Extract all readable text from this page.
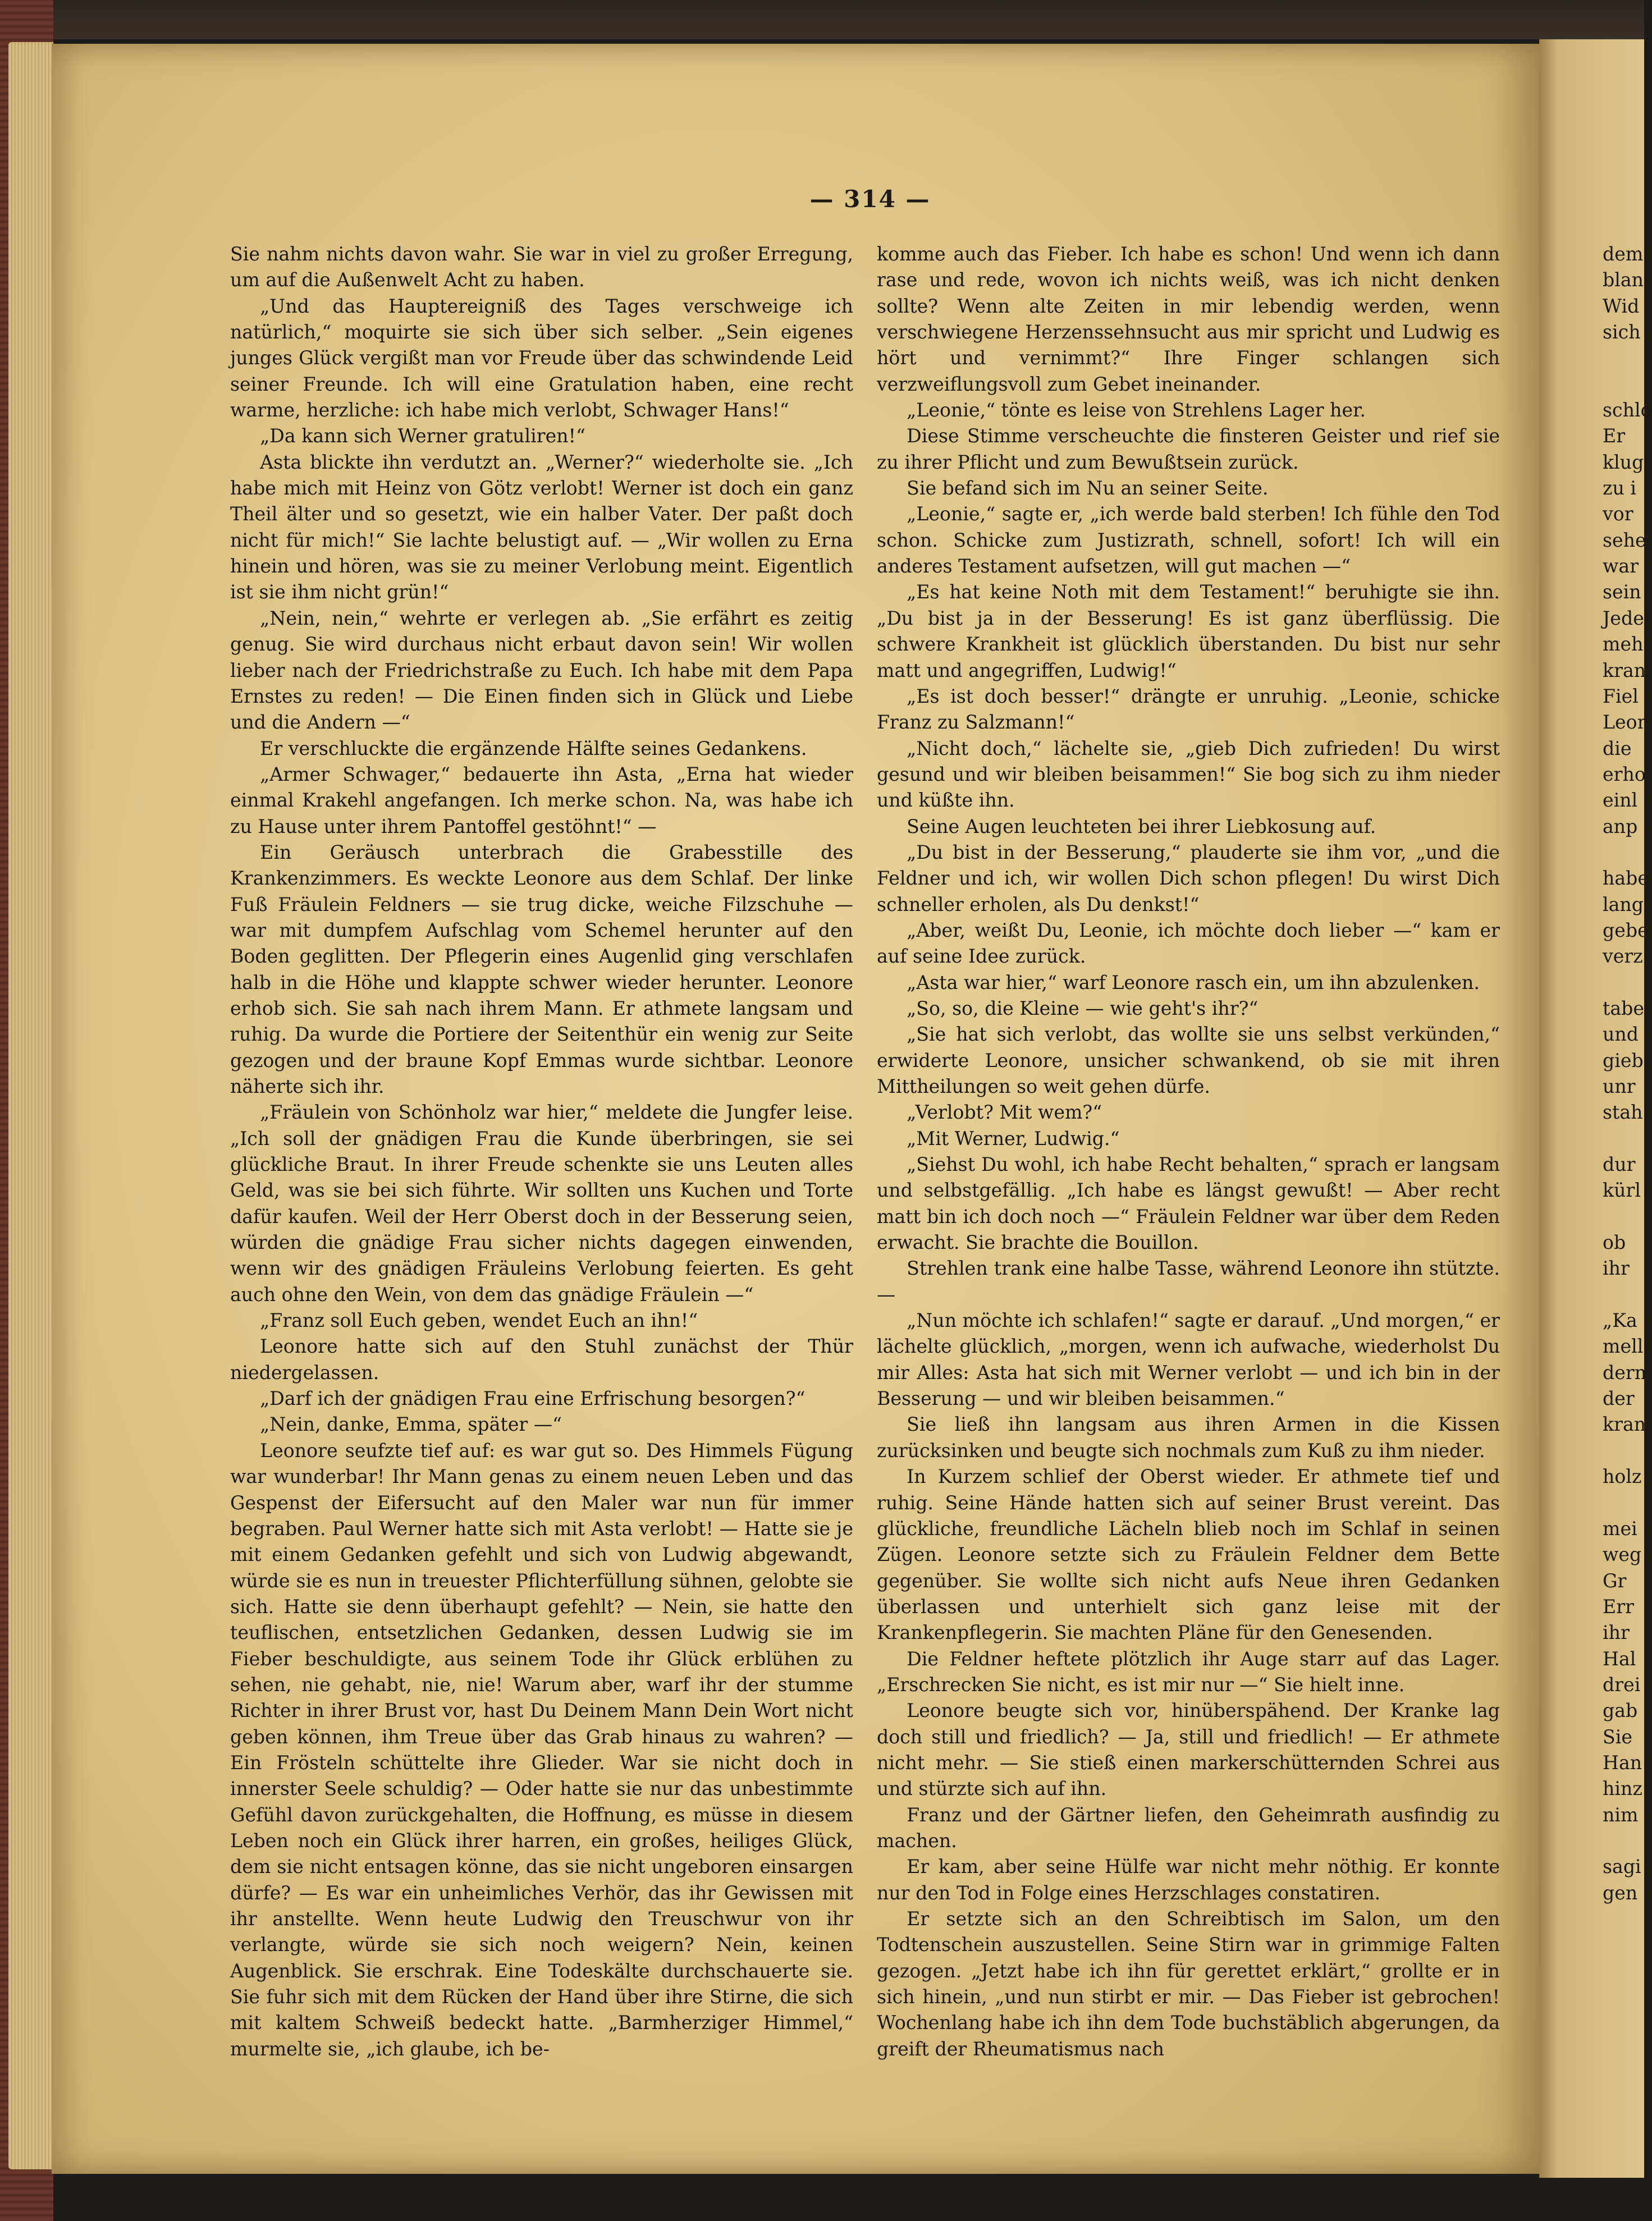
— 314 —

Sie nahm nichts davon wahr. Sie war in viel zu großer Erregung, um auf die Außenwelt Acht zu haben.

„Und das Hauptereigniß des Tages verschweige ich natürlich,“ moquirte sie sich über sich selber. „Sein eigenes junges Glück vergißt man vor Freude über das schwindende Leid seiner Freunde. Ich will eine Gratulation haben, eine recht warme, herzliche: ich habe mich verlobt, Schwager Hans!“

„Da kann sich Werner gratuliren!“

Asta blickte ihn verdutzt an. „Werner?“ wiederholte sie. „Ich habe mich mit Heinz von Götz verlobt! Werner ist doch ein ganz Theil älter und so gesetzt, wie ein halber Vater. Der paßt doch nicht für mich!“ Sie lachte belustigt auf. — „Wir wollen zu Erna hinein und hören, was sie zu meiner Verlobung meint. Eigentlich ist sie ihm nicht grün!“

„Nein, nein,“ wehrte er verlegen ab. „Sie erfährt es zeitig genug. Sie wird durchaus nicht erbaut davon sein! Wir wollen lieber nach der Friedrichstraße zu Euch. Ich habe mit dem Papa Ernstes zu reden! — Die Einen finden sich in Glück und Liebe und die Andern —“

Er verschluckte die ergänzende Hälfte seines Gedankens.

„Armer Schwager,“ bedauerte ihn Asta, „Erna hat wieder einmal Krakehl angefangen. Ich merke schon. Na, was habe ich zu Hause unter ihrem Pantoffel gestöhnt!“ —

Ein Geräusch unterbrach die Grabesstille des Krankenzimmers. Es weckte Leonore aus dem Schlaf. Der linke Fuß Fräulein Feldners — sie trug dicke, weiche Filzschuhe — war mit dumpfem Aufschlag vom Schemel herunter auf den Boden geglitten. Der Pflegerin eines Augenlid ging verschlafen halb in die Höhe und klappte schwer wieder herunter. Leonore erhob sich. Sie sah nach ihrem Mann. Er athmete langsam und ruhig. Da wurde die Portiere der Seitenthür ein wenig zur Seite gezogen und der braune Kopf Emmas wurde sichtbar. Leonore näherte sich ihr.

„Fräulein von Schönholz war hier,“ meldete die Jungfer leise. „Ich soll der gnädigen Frau die Kunde überbringen, sie sei glückliche Braut. In ihrer Freude schenkte sie uns Leuten alles Geld, was sie bei sich führte. Wir sollten uns Kuchen und Torte dafür kaufen. Weil der Herr Oberst doch in der Besserung seien, würden die gnädige Frau sicher nichts dagegen einwenden, wenn wir des gnädigen Fräuleins Verlobung feierten. Es geht auch ohne den Wein, von dem das gnädige Fräulein —“

„Franz soll Euch geben, wendet Euch an ihn!“

Leonore hatte sich auf den Stuhl zunächst der Thür niedergelassen.

„Darf ich der gnädigen Frau eine Erfrischung besorgen?“

„Nein, danke, Emma, später —“

Leonore seufzte tief auf: es war gut so. Des Himmels Fügung war wunderbar! Ihr Mann genas zu einem neuen Leben und das Gespenst der Eifersucht auf den Maler war nun für immer begraben. Paul Werner hatte sich mit Asta verlobt! — Hatte sie je mit einem Gedanken gefehlt und sich von Ludwig abgewandt, würde sie es nun in treuester Pflichterfüllung sühnen, gelobte sie sich. Hatte sie denn überhaupt gefehlt? — Nein, sie hatte den teuflischen, entsetzlichen Gedanken, dessen Ludwig sie im Fieber beschuldigte, aus seinem Tode ihr Glück erblühen zu sehen, nie gehabt, nie, nie! Warum aber, warf ihr der stumme Richter in ihrer Brust vor, hast Du Deinem Mann Dein Wort nicht geben können, ihm Treue über das Grab hinaus zu wahren? — Ein Frösteln schüttelte ihre Glieder. War sie nicht doch in innerster Seele schuldig? — Oder hatte sie nur das unbestimmte Gefühl davon zurückgehalten, die Hoffnung, es müsse in diesem Leben noch ein Glück ihrer harren, ein großes, heiliges Glück, dem sie nicht entsagen könne, das sie nicht ungeboren einsargen dürfe? — Es war ein unheimliches Verhör, das ihr Gewissen mit ihr anstellte. Wenn heute Ludwig den Treuschwur von ihr verlangte, würde sie sich noch weigern? Nein, keinen Augenblick. Sie erschrak. Eine Todeskälte durchschauerte sie. Sie fuhr sich mit dem Rücken der Hand über ihre Stirne, die sich mit kaltem Schweiß bedeckt hatte. „Barmherziger Himmel,“ murmelte sie, „ich glaube, ich be-

komme auch das Fieber. Ich habe es schon! Und wenn ich dann rase und rede, wovon ich nichts weiß, was ich nicht denken sollte? Wenn alte Zeiten in mir lebendig werden, wenn verschwiegene Herzenssehnsucht aus mir spricht und Ludwig es hört und vernimmt?“ Ihre Finger schlangen sich verzweiflungsvoll zum Gebet ineinander.

„Leonie,“ tönte es leise von Strehlens Lager her.

Diese Stimme verscheuchte die finsteren Geister und rief sie zu ihrer Pflicht und zum Bewußtsein zurück.

Sie befand sich im Nu an seiner Seite.

„Leonie,“ sagte er, „ich werde bald sterben! Ich fühle den Tod schon. Schicke zum Justizrath, schnell, sofort! Ich will ein anderes Testament aufsetzen, will gut machen —“

„Es hat keine Noth mit dem Testament!“ beruhigte sie ihn. „Du bist ja in der Besserung! Es ist ganz überflüssig. Die schwere Krankheit ist glücklich überstanden. Du bist nur sehr matt und angegriffen, Ludwig!“

„Es ist doch besser!“ drängte er unruhig. „Leonie, schicke Franz zu Salzmann!“

„Nicht doch,“ lächelte sie, „gieb Dich zufrieden! Du wirst gesund und wir bleiben beisammen!“ Sie bog sich zu ihm nieder und küßte ihn.

Seine Augen leuchteten bei ihrer Liebkosung auf.

„Du bist in der Besserung,“ plauderte sie ihm vor, „und die Feldner und ich, wir wollen Dich schon pflegen! Du wirst Dich schneller erholen, als Du denkst!“

„Aber, weißt Du, Leonie, ich möchte doch lieber —“ kam er auf seine Idee zurück.

„Asta war hier,“ warf Leonore rasch ein, um ihn abzulenken.

„So, so, die Kleine — wie geht's ihr?“

„Sie hat sich verlobt, das wollte sie uns selbst verkünden,“ erwiderte Leonore, unsicher schwankend, ob sie mit ihren Mittheilungen so weit gehen dürfe.

„Verlobt? Mit wem?“

„Mit Werner, Ludwig.“

„Siehst Du wohl, ich habe Recht behalten,“ sprach er langsam und selbstgefällig. „Ich habe es längst gewußt! — Aber recht matt bin ich doch noch —“ Fräulein Feldner war über dem Reden erwacht. Sie brachte die Bouillon.

Strehlen trank eine halbe Tasse, während Leonore ihn stützte. —

„Nun möchte ich schlafen!“ sagte er darauf. „Und morgen,“ er lächelte glücklich, „morgen, wenn ich aufwache, wiederholst Du mir Alles: Asta hat sich mit Werner verlobt — und ich bin in der Besserung — und wir bleiben beisammen.“

Sie ließ ihn langsam aus ihren Armen in die Kissen zurücksinken und beugte sich nochmals zum Kuß zu ihm nieder.

In Kurzem schlief der Oberst wieder. Er athmete tief und ruhig. Seine Hände hatten sich auf seiner Brust vereint. Das glückliche, freundliche Lächeln blieb noch im Schlaf in seinen Zügen. Leonore setzte sich zu Fräulein Feldner dem Bette gegenüber. Sie wollte sich nicht aufs Neue ihren Gedanken überlassen und unterhielt sich ganz leise mit der Krankenpflegerin. Sie machten Pläne für den Genesenden.

Die Feldner heftete plötzlich ihr Auge starr auf das Lager. „Erschrecken Sie nicht, es ist mir nur —“ Sie hielt inne.

Leonore beugte sich vor, hinüberspähend. Der Kranke lag doch still und friedlich? — Ja, still und friedlich! — Er athmete nicht mehr. — Sie stieß einen markerschütternden Schrei aus und stürzte sich auf ihn.

Franz und der Gärtner liefen, den Geheimrath ausfindig zu machen.

Er kam, aber seine Hülfe war nicht mehr nöthig. Er konnte nur den Tod in Folge eines Herzschlages constatiren.

Er setzte sich an den Schreibtisch im Salon, um den Todtenschein auszustellen. Seine Stirn war in grimmige Falten gezogen. „Jetzt habe ich ihn für gerettet erklärt,“ grollte er in sich hinein, „und nun stirbt er mir. — Das Fieber ist gebrochen! Wochenlang habe ich ihn dem Tode buchstäblich abgerungen, da greift der Rheumatismus nach

dem
blan
Wid
sich
schlo
Er
klug
zu i
vor
sehe
war
sein
Jede
meh
kran
Fiel
Leon
die
erho
einl
anp
habe
lang
gebe
verz
tabe
und
gieb
unr
stah
dur
kürl
ob
ihr
„Ka
mell
dern
der
kran
holz
mei
weg
Gr
Err
ihr
Hal
drei
gab
Sie
Han
hinz
nim
sagi
gen
